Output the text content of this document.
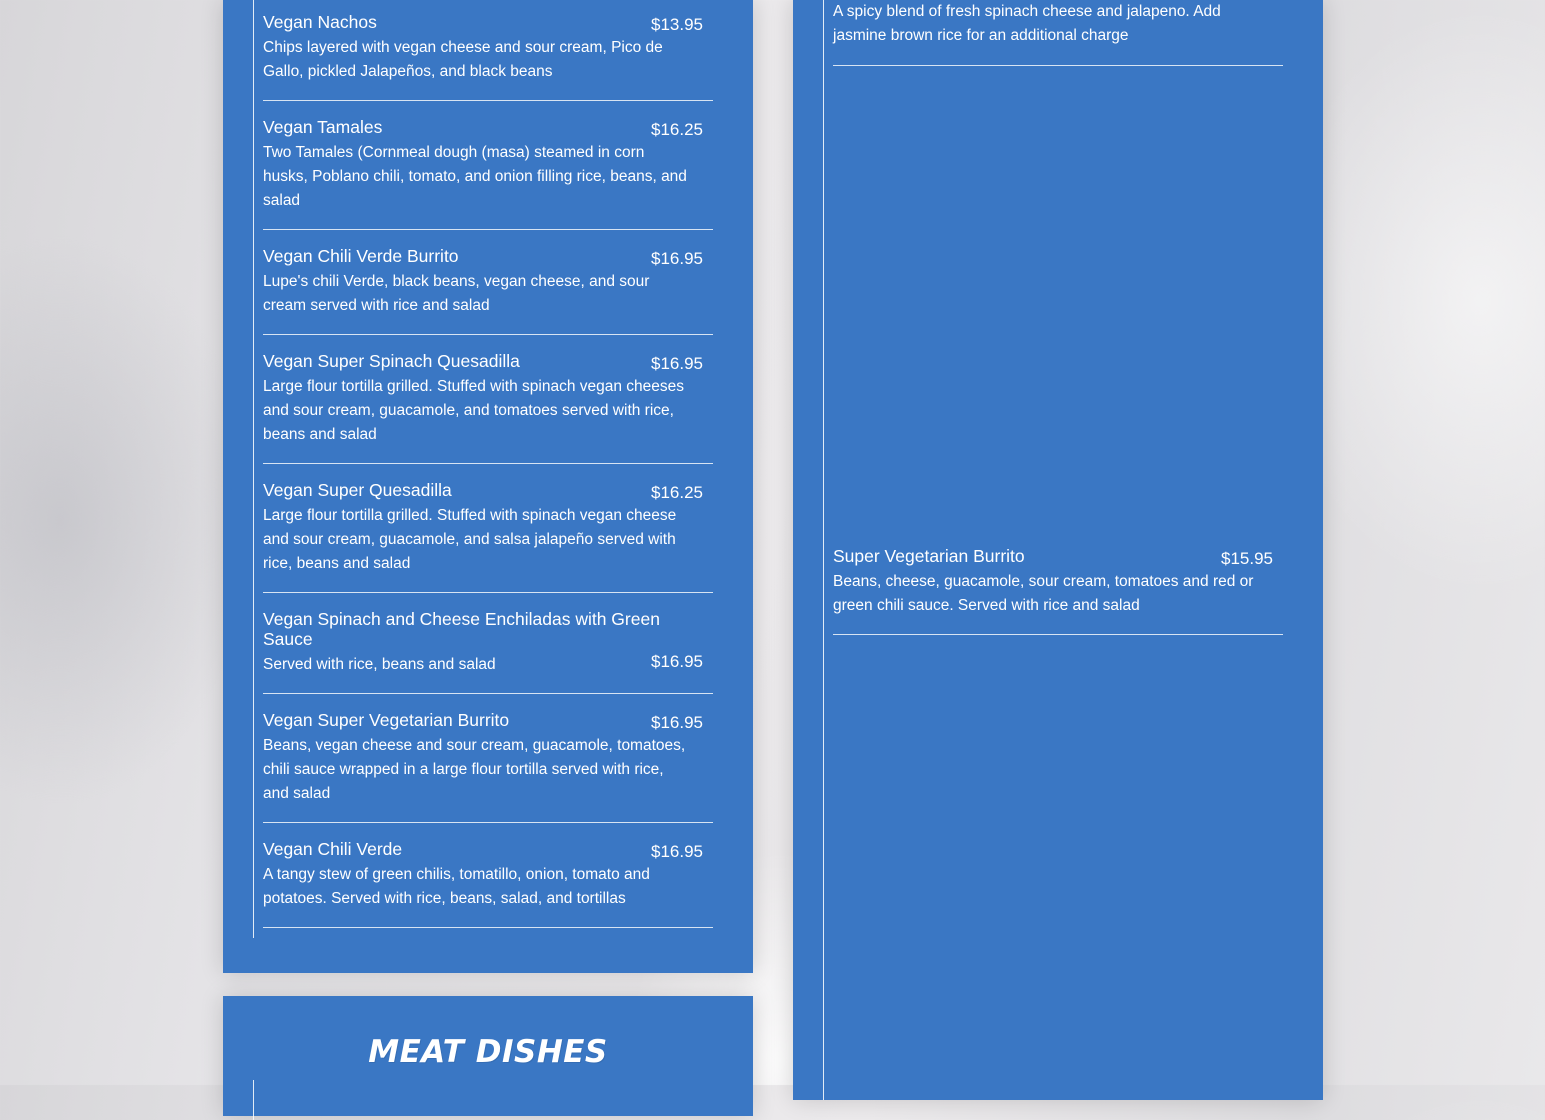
Vegan Nachos	$13.95
Chips layered with vegan cheese and sour cream, Pico de Gallo, pickled Jalapeños, and black beans
Vegan Tamales	$16.25
Two Tamales (Cornmeal dough (masa) steamed in corn husks, Poblano chili, tomato, and onion filling rice, beans, and salad
Vegan Chili Verde Burrito	$16.95
Lupe's chili Verde, black beans, vegan cheese, and sour cream served with rice and salad
Vegan Super Spinach Quesadilla	$16.95
Large flour tortilla grilled. Stuffed with spinach vegan cheeses and sour cream, guacamole, and tomatoes served with rice, beans and salad
Vegan Super Quesadilla	$16.25
Large flour tortilla grilled. Stuffed with spinach vegan cheese and sour cream, guacamole, and salsa jalapeño served with rice, beans and salad
Vegan Spinach and Cheese Enchiladas with Green Sauce
$16.95
Served with rice, beans and salad
Vegan Super Vegetarian Burrito	$16.95
Beans, vegan cheese and sour cream, guacamole, tomatoes, chili sauce wrapped in a large flour tortilla served with rice, and salad
Vegan Chili Verde	$16.95
A tangy stew of green chilis, tomatillo, onion, tomato and potatoes. Served with rice, beans, salad, and tortillas
MEAT DISHES
A spicy blend of fresh spinach cheese and jalapeno. Add jasmine brown rice for an additional charge
Super Vegetarian Burrito	$15.95
Beans, cheese, guacamole, sour cream, tomatoes and red or green chili sauce. Served with rice and salad
